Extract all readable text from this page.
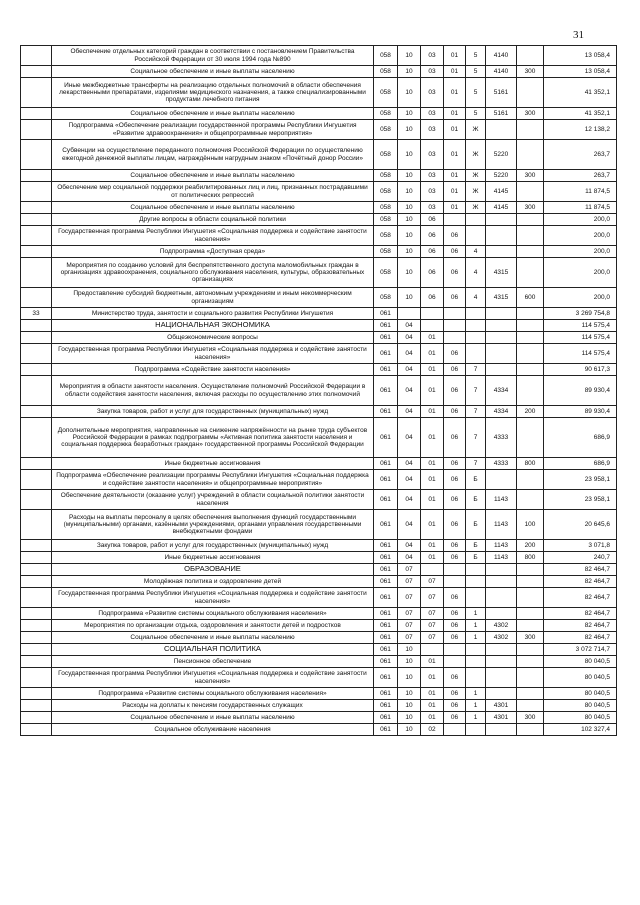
31
	Обеспечение отдельных категорий граждан в соответствии с постановлением Правительства Российской Федерации от 30 июля 1994 года №890	058	10	03	01	5	4140		13 058,4
	Социальное обеспечение и иные выплаты населению	058	10	03	01	5	4140	300	13 058,4
	Иные межбюджетные трансферты на реализацию отдельных полномочий в области обеспечения лекарственными препаратами, изделиями медицинского назначения, а также специализированными продуктами лечебного питания	058	10	03	01	5	5161		41 352,1
	Социальное обеспечение и иные выплаты населению	058	10	03	01	5	5161	300	41 352,1
	Подпрограмма «Обеспечение реализации государственной программы Республики Ингушетия «Развитие здравоохранения» и общепрограммные мероприятия»	058	10	03	01	Ж			12 138,2
	Субвенции на осуществление переданного полномочия Российской Федерации по осуществлению ежегодной денежной выплаты лицам, награждённым нагрудным знаком «Почётный донор России»	058	10	03	01	Ж	5220		263,7
	Социальное обеспечение и иные выплаты населению	058	10	03	01	Ж	5220	300	263,7
	Обеспечение мер социальной поддержки реабилитированных лиц и лиц, признанных пострадавшими от политических репрессий	058	10	03	01	Ж	4145		11 874,5
	Социальное обеспечение и иные выплаты населению	058	10	03	01	Ж	4145	300	11 874,5
	Другие вопросы в области социальной политики	058	10	06					200,0
	Государственная программа Республики Ингушетия «Социальная поддержка и содействие занятости населения»	058	10	06	06				200,0
	Подпрограмма «Доступная среда»	058	10	06	06	4			200,0
	Мероприятия по созданию условий для беспрепятственного доступа маломобильных граждан в организациях здравоохранения, социального обслуживания населения, культуры, образовательных организациях	058	10	06	06	4	4315		200,0
	Предоставление субсидий бюджетным, автономным учреждениям и иным некоммерческим организациям	058	10	06	06	4	4315	600	200,0
33	Министерство труда, занятости и социального развития Республики Ингушетия	061							3 269 754,8
	НАЦИОНАЛЬНАЯ ЭКОНОМИКА	061	04						114 575,4
	Общеэкономические вопросы	061	04	01					114 575,4
	Государственная программа Республики Ингушетия «Социальная поддержка и содействие занятости населения»	061	04	01	06				114 575,4
	Подпрограмма «Содействие занятости населения»	061	04	01	06	7			90 617,3
	Мероприятия в области занятости населения. Осуществление полномочий Российской Федерации в области содействия занятости населения, включая расходы по осуществлению этих полномочий	061	04	01	06	7	4334		89 930,4
	Закупка товаров, работ и услуг для государственных (муниципальных) нужд	061	04	01	06	7	4334	200	89 930,4
	Дополнительные мероприятия, направленные на снижение напряжённости на рынке труда субъектов Российской Федерации в рамках подпрограммы «Активная политика занятости населения и социальная поддержка безработных граждан» государственной программы Российской Федерации	061	04	01	06	7	4333		686,9
	Иные бюджетные ассигнования	061	04	01	06	7	4333	800	686,9
	Подпрограмма «Обеспечение реализации программы Республики Ингушетия «Социальная поддержка и содействие занятости населения» и общепрограммные мероприятия»	061	04	01	06	Б			23 958,1
	Обеспечение деятельности (оказание услуг) учреждений в области социальной политики занятости населения	061	04	01	06	Б	1143		23 958,1
	Расходы на выплаты персоналу в целях обеспечения выполнения функций государственными (муниципальными) органами, казёнными учреждениями, органами управления государственными внебюджетными фондами	061	04	01	06	Б	1143	100	20 645,6
	Закупка товаров, работ и услуг для государственных (муниципальных) нужд	061	04	01	06	Б	1143	200	3 071,8
	Иные бюджетные ассигнования	061	04	01	06	Б	1143	800	240,7
	ОБРАЗОВАНИЕ	061	07						82 464,7
	Молодёжная политика и оздоровление детей	061	07	07					82 464,7
	Государственная программа Республики Ингушетия «Социальная поддержка и содействие занятости населения»	061	07	07	06				82 464,7
	Подпрограмма «Развитие системы социального обслуживания населения»	061	07	07	06	1			82 464,7
	Мероприятия по организации отдыха, оздоровления и занятости детей и подростков	061	07	07	06	1	4302		82 464,7
	Социальное обеспечение и иные выплаты населению	061	07	07	06	1	4302	300	82 464,7
	СОЦИАЛЬНАЯ ПОЛИТИКА	061	10						3 072 714,7
	Пенсионное обеспечение	061	10	01					80 040,5
	Государственная программа Республики Ингушетия «Социальная поддержка и содействие занятости населения»	061	10	01	06				80 040,5
	Подпрограмма «Развитие системы социального обслуживания населения»	061	10	01	06	1			80 040,5
	Расходы на доплаты к пенсиям государственных служащих	061	10	01	06	1	4301		80 040,5
	Социальное обеспечение и иные выплаты населению	061	10	01	06	1	4301	300	80 040,5
	Социальное обслуживание населения	061	10	02					102 327,4
